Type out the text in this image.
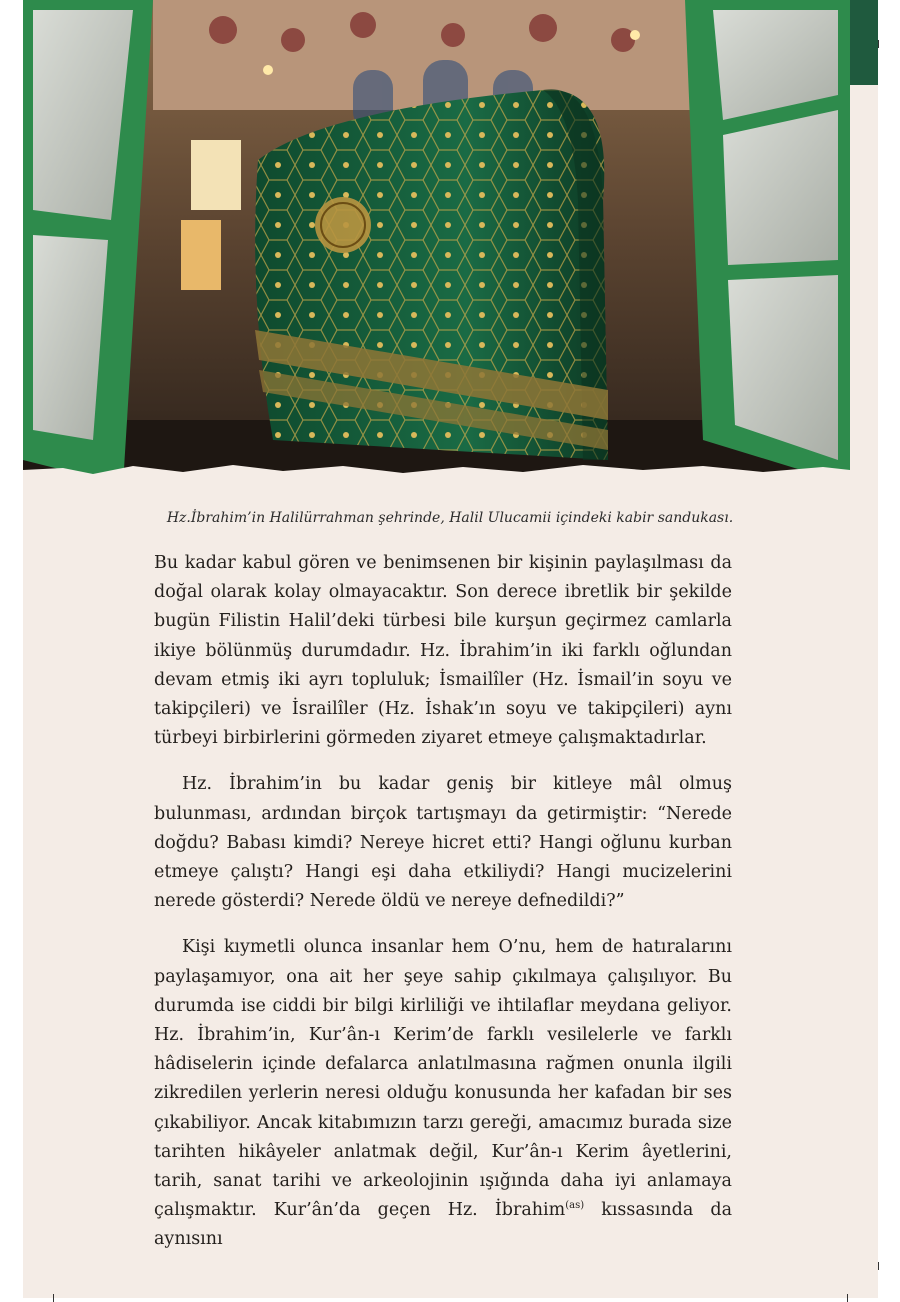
Hz.İbrahim’in Halilürrahman şehrinde, Halil Ulucamii içindeki kabir sandukası.

Bu kadar kabul gören ve benimsenen bir kişinin paylaşılması da doğal olarak kolay olmayacaktır. Son derece ibretlik bir şekilde bugün Filistin Halil’deki türbesi bile kurşun geçirmez camlarla ikiye bölünmüş durumdadır. Hz. İbrahim’in iki farklı oğlundan devam etmiş iki ayrı topluluk; İsmailîler (Hz. İsmail’in soyu ve takipçileri) ve İsrailîler (Hz. İshak’ın soyu ve takipçileri) aynı türbeyi birbirlerini görmeden ziyaret etmeye çalışmaktadırlar.

Hz. İbrahim’in bu kadar geniş bir kitleye mâl olmuş bulunması, ardından birçok tartışmayı da getirmiştir: “Nerede doğdu? Babası kimdi? Nereye hicret etti? Hangi oğlunu kurban etmeye çalıştı? Hangi eşi daha etkiliydi? Hangi mucizelerini nerede gösterdi? Nerede öldü ve nereye defnedildi?”

Kişi kıymetli olunca insanlar hem O’nu, hem de hatıralarını paylaşamıyor, ona ait her şeye sahip çıkılmaya çalışılıyor. Bu durumda ise ciddi bir bilgi kirliliği ve ihtilaflar meydana geliyor. Hz. İbrahim’in, Kur’ân-ı Kerim’de farklı vesilelerle ve farklı hâdiselerin içinde defalarca anlatılmasına rağmen onunla ilgili zikredilen yerlerin neresi olduğu konusunda her kafadan bir ses çıkabiliyor. Ancak kitabımızın tarzı gereği, amacımız burada size tarihten hikâyeler anlatmak değil, Kur’ân-ı Kerim âyetlerini, tarih, sanat tarihi ve arkeolojinin ışığında daha iyi anlamaya çalışmaktır. Kur’ân’da geçen Hz. İbrahim$^{(as)}$ kıssasında da aynısını
